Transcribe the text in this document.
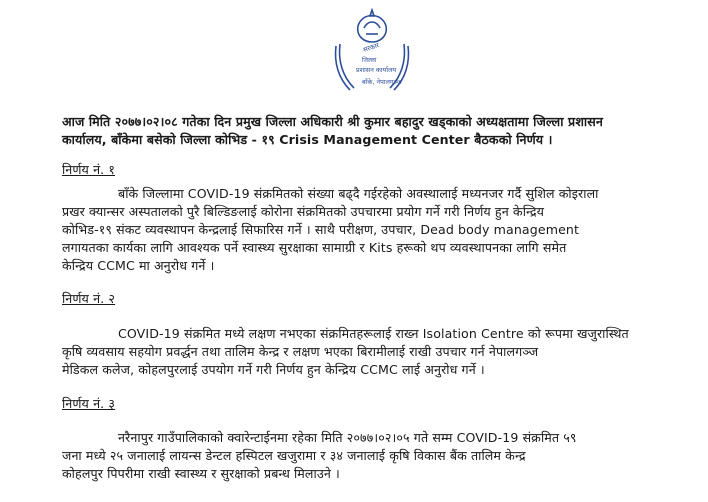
सरकार
जिल्ला
प्रशासन कार्यालय
बाँके, नेपालगञ्ज
आज मिति २०७७।०२।०८ गतेका दिन प्रमुख जिल्ला अधिकारी श्री कुमार बहादुर खड्काको अध्यक्षतामा जिल्ला प्रशासन
कार्यालय, बाँकेमा बसेको जिल्ला कोभिड - १९ Crisis Management Center बैठकको निर्णय ।
निर्णय नं. १
बाँके जिल्लामा COVID-19 संक्रमितको संख्या बढ्दै गईरहेको अवस्थालाई मध्यनजर गर्दै सुशिल कोइराला
प्रखर क्यान्सर अस्पतालको पुरै बिल्डिङलाई कोरोना संक्रमितको उपचारमा प्रयोग गर्ने गरी निर्णय हुन केन्द्रिय
कोभिड-१९ संकट व्यवस्थापन केन्द्रलाई सिफारिस गर्ने । साथै परीक्षण, उपचार, Dead body management
लगायतका कार्यका लागि आवश्यक पर्ने स्वास्थ्य सुरक्षाका सामाग्री र Kits हरूको थप व्यवस्थापनका लागि समेत
केन्द्रिय CCMC मा अनुरोध गर्ने ।
निर्णय नं. २
COVID-19 संक्रमित मध्ये लक्षण नभएका संक्रमितहरूलाई राख्न Isolation Centre को रूपमा खजुरास्थित
कृषि व्यवसाय सहयोग प्रवर्द्धन तथा तालिम केन्द्र र लक्षण भएका बिरामीलाई राखी उपचार गर्न नेपालगञ्ज
मेडिकल कलेज, कोहलपुरलाई उपयोग गर्ने गरी निर्णय हुन केन्द्रिय CCMC लाई अनुरोध गर्ने ।
निर्णय नं. ३
नरैनापुर गाउँपालिकाको क्वारेन्टाईनमा रहेका मिति २०७७।०२।०५ गते सम्म COVID-19 संक्रमित ५९
जना मध्ये २५ जनालाई लायन्स डेन्टल हस्पिटल खजुरामा र ३४ जनालाई कृषि विकास बैंक तालिम केन्द्र
कोहलपुर पिपरीमा राखी स्वास्थ्य र सुरक्षाको प्रबन्ध मिलाउने ।
